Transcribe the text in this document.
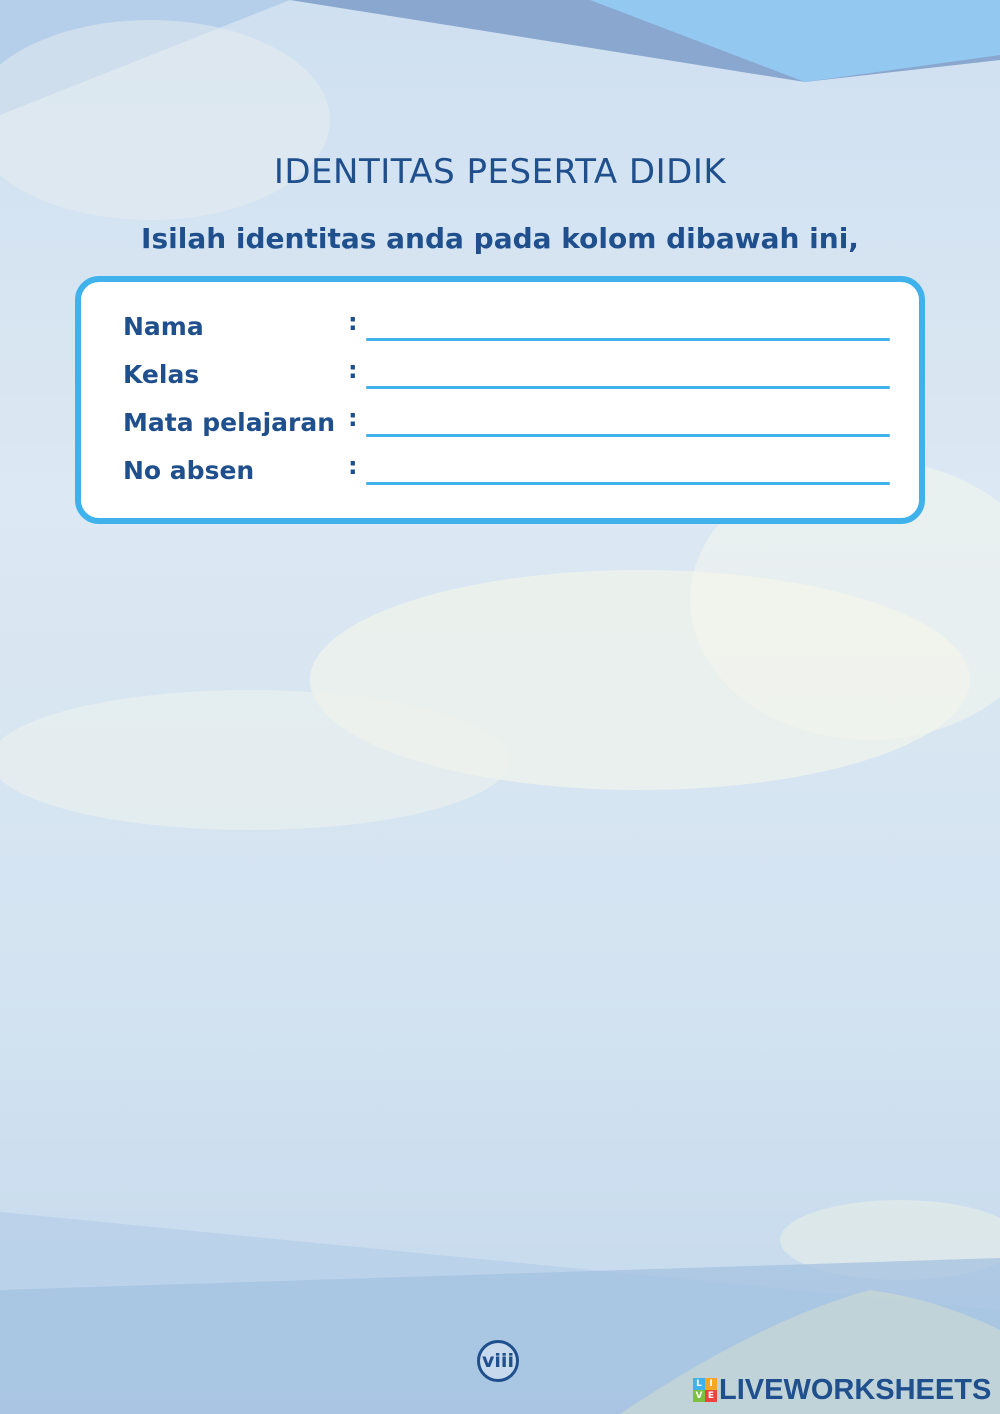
IDENTITAS PESERTA DIDIK
Isilah identitas anda pada kolom dibawah ini,
Nama	:
Kelas	:
Mata pelajaran :
No absen	:
viii
L I
V E LIVEWORKSHEETS
